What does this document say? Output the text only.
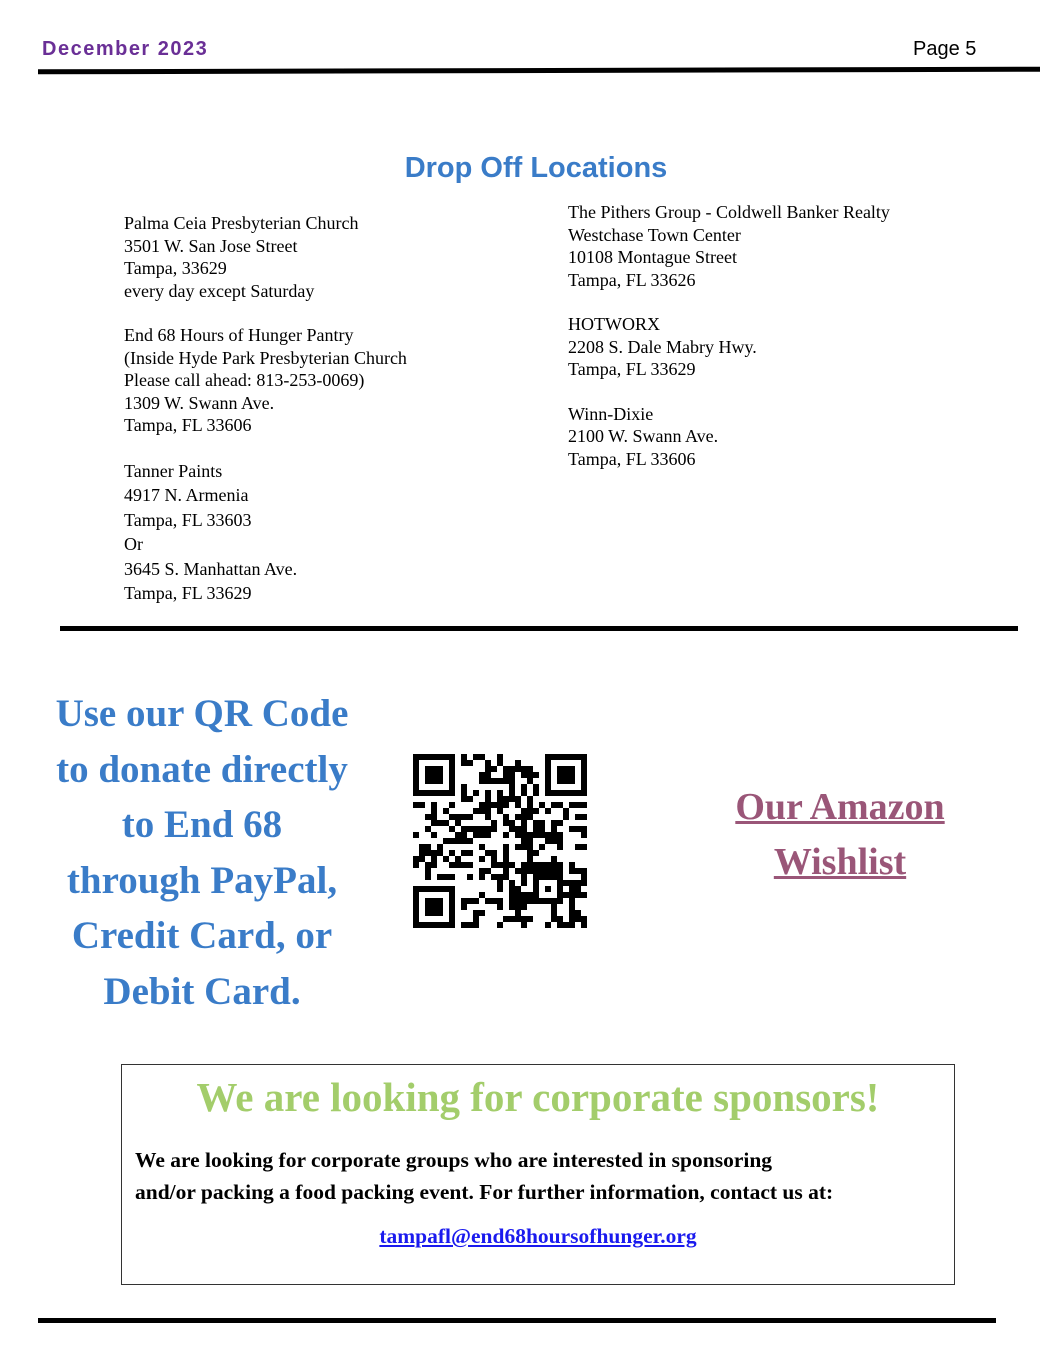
December 2023	Page 5
Drop Off Locations
Palma Ceia Presbyterian Church
3501 W. San Jose Street
Tampa, 33629
every day except Saturday
End 68 Hours of Hunger Pantry
(Inside Hyde Park Presbyterian Church
Please call ahead: 813-253-0069)
1309 W. Swann Ave.
Tampa, FL 33606
Tanner Paints
4917 N. Armenia
Tampa, FL 33603
Or
3645 S. Manhattan Ave.
Tampa, FL 33629
The Pithers Group - Coldwell Banker Realty
Westchase Town Center
10108 Montague Street
Tampa, FL 33626
HOTWORX
2208 S. Dale Mabry Hwy.
Tampa, FL 33629
Winn-Dixie
2100 W. Swann Ave.
Tampa, FL 33606
Use our QR Code
to donate directly
to End 68
through PayPal,
Credit Card, or
Debit Card.
Our Amazon
Wishlist
We are looking for corporate sponsors!
We are looking for corporate groups who are interested in sponsoring
and/or packing a food packing event. For further information, contact us at:
tampafl@end68hoursofhunger.org
